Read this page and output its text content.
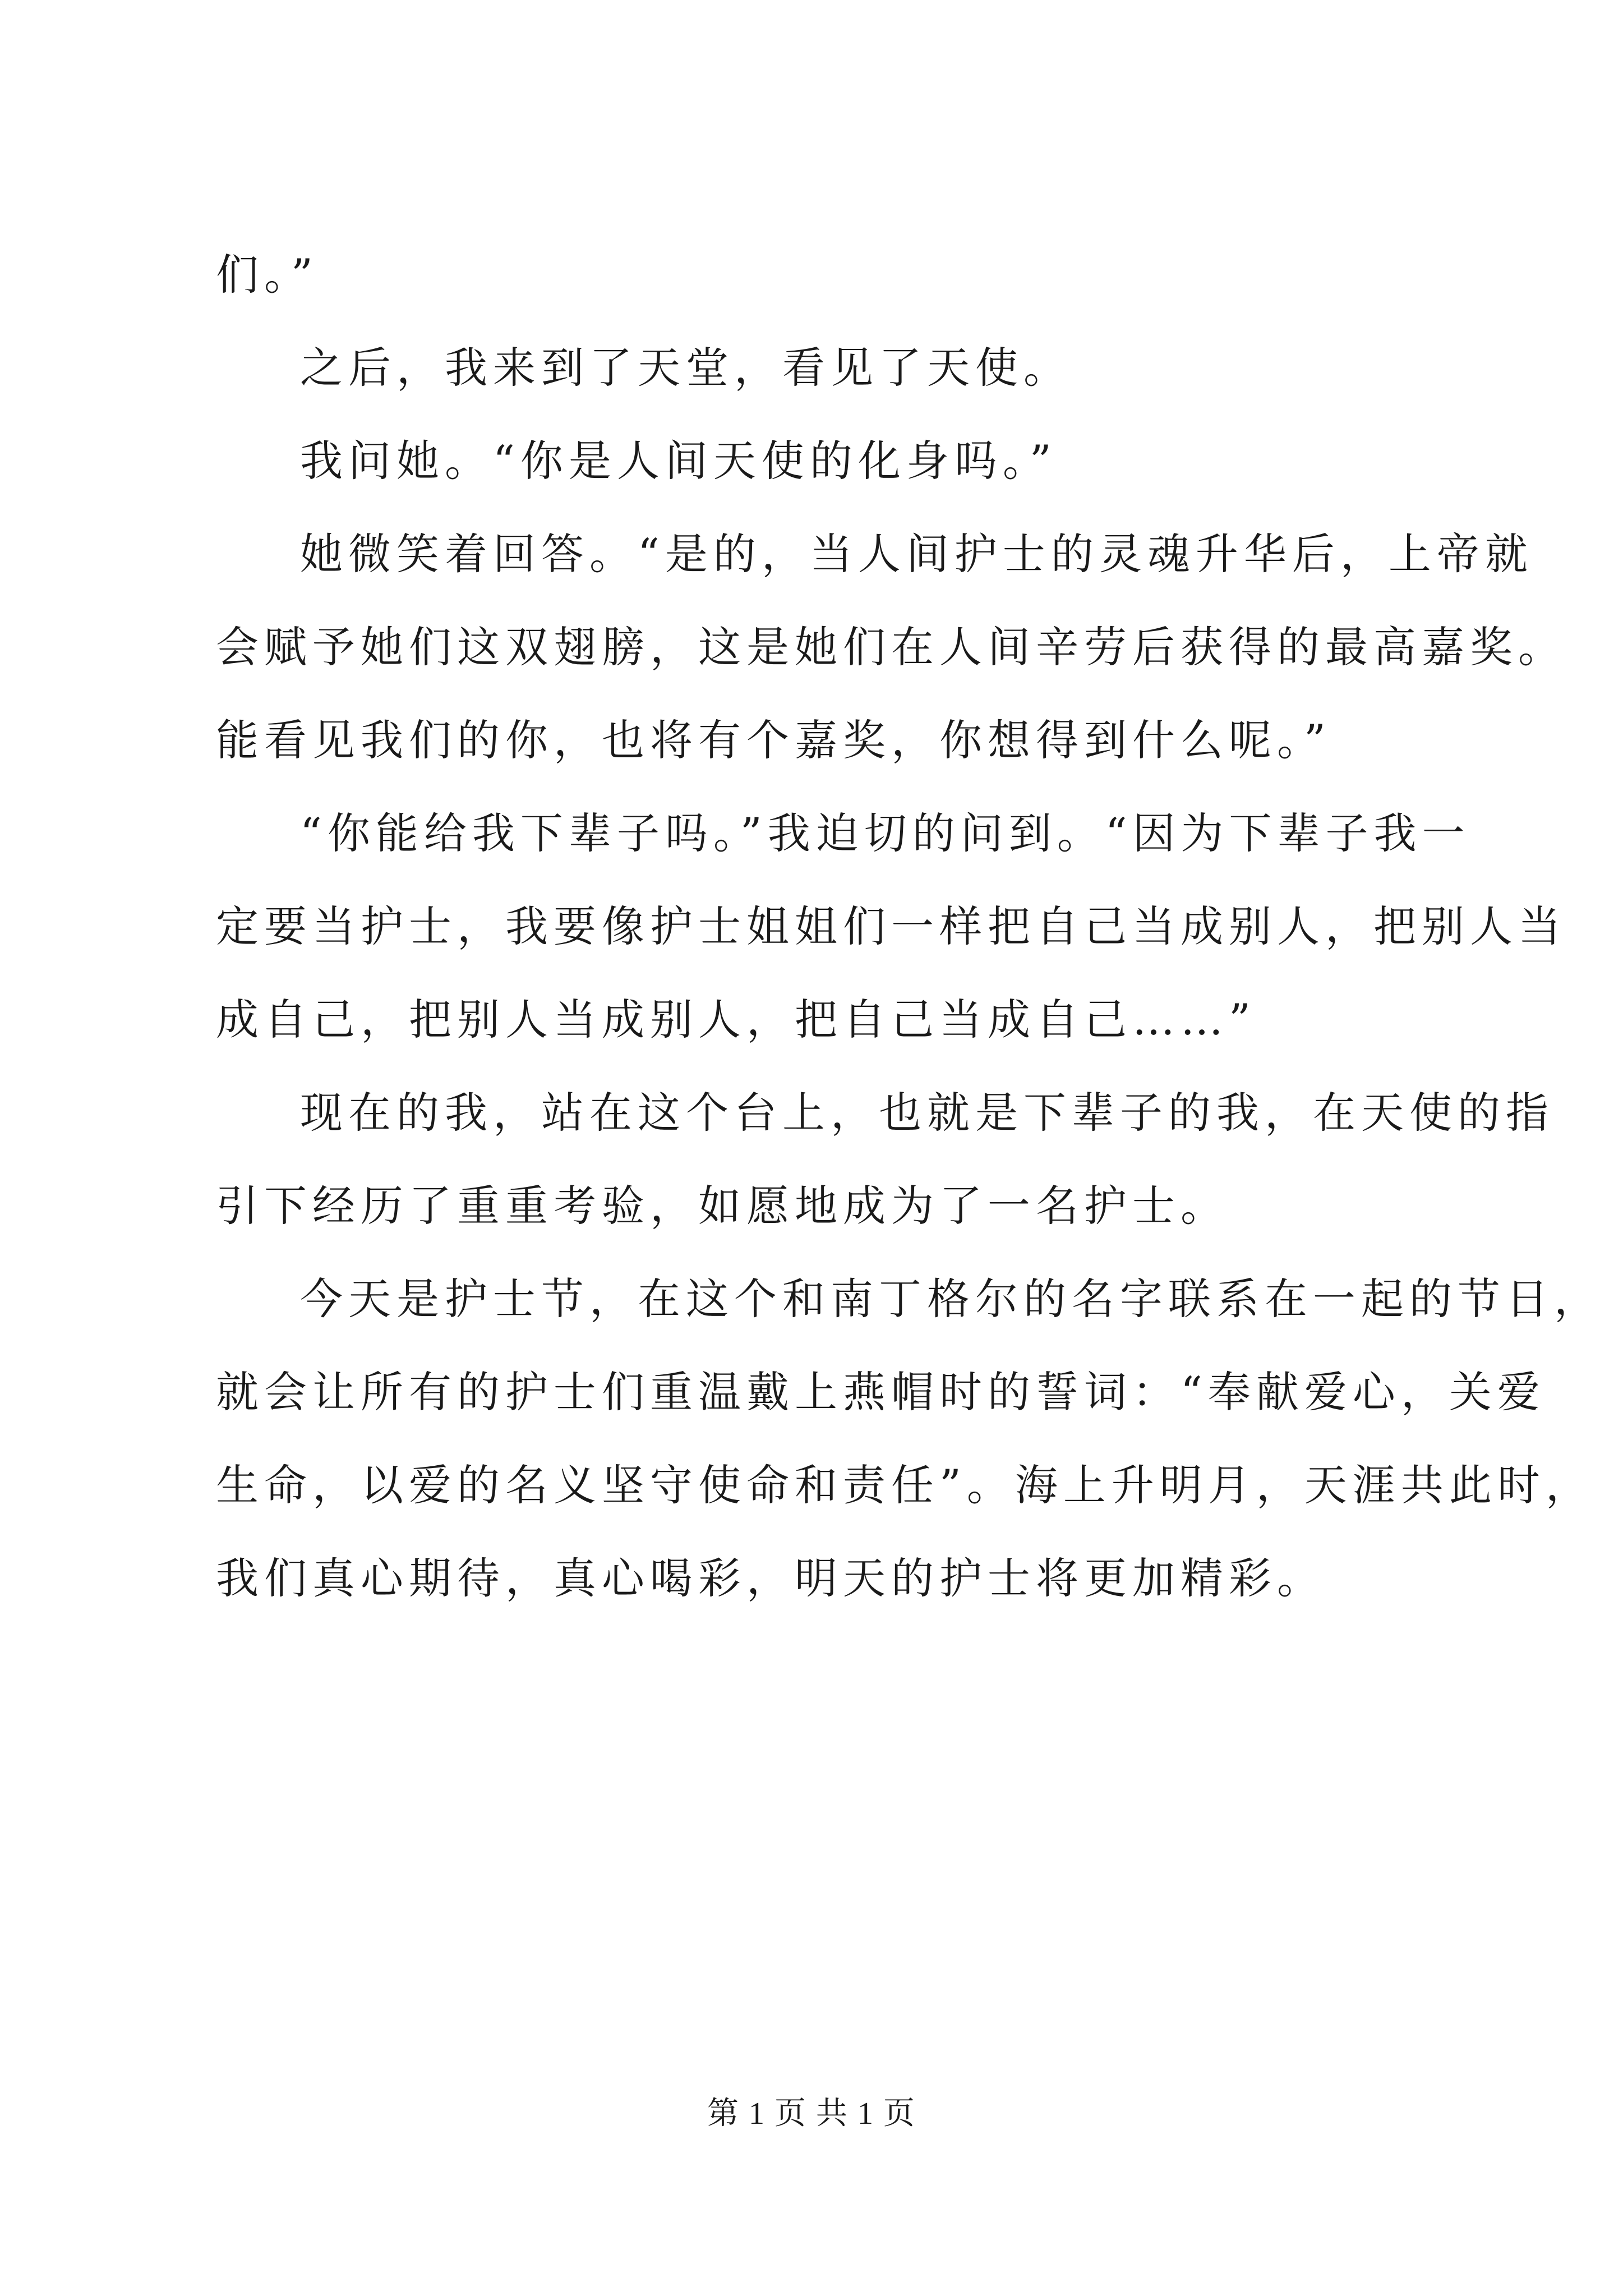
们。”
之后，我来到了天堂，看见了天使。
我问她。“你是人间天使的化身吗。”
她微笑着回答。“是的，当人间护士的灵魂升华后，上帝就
会赋予她们这双翅膀，这是她们在人间辛劳后获得的最高嘉奖。
能看见我们的你，也将有个嘉奖，你想得到什么呢。”
“你能给我下辈子吗。”我迫切的问到。“因为下辈子我一
定要当护士，我要像护士姐姐们一样把自己当成别人，把别人当
成自己，把别人当成别人，把自己当成自己……”
现在的我，站在这个台上，也就是下辈子的我，在天使的指
引下经历了重重考验，如愿地成为了一名护士。
今天是护士节，在这个和南丁格尔的名字联系在一起的节日，
就会让所有的护士们重温戴上燕帽时的誓词：“奉献爱心，关爱
生命，以爱的名义坚守使命和责任”。海上升明月，天涯共此时，
我们真心期待，真心喝彩，明天的护士将更加精彩。
第 1 页 共 1 页
